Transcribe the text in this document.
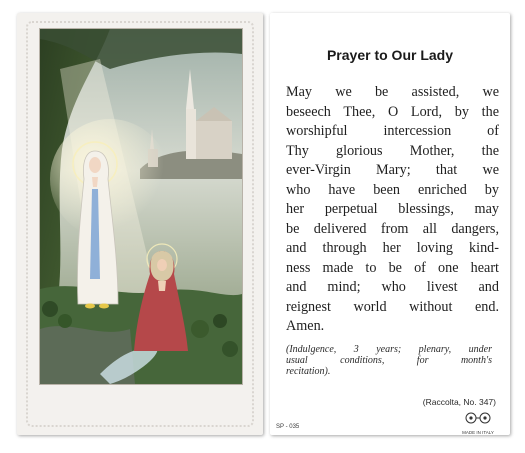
Prayer to Our Lady
May we be assisted, we
beseech Thee, O Lord, by the
worshipful intercession of
Thy glorious Mother, the
ever-Virgin Mary; that we
who have been enriched by
her perpetual blessings, may
be delivered from all dangers,
and through her loving kind-
ness made to be of one heart
and mind; who livest and
reignest world without end.
Amen.
(Indulgence, 3 years; plenary, under
usual conditions, for month's
recitation).
(Raccolta, No. 347)
SP - 035
MADE IN ITALY
